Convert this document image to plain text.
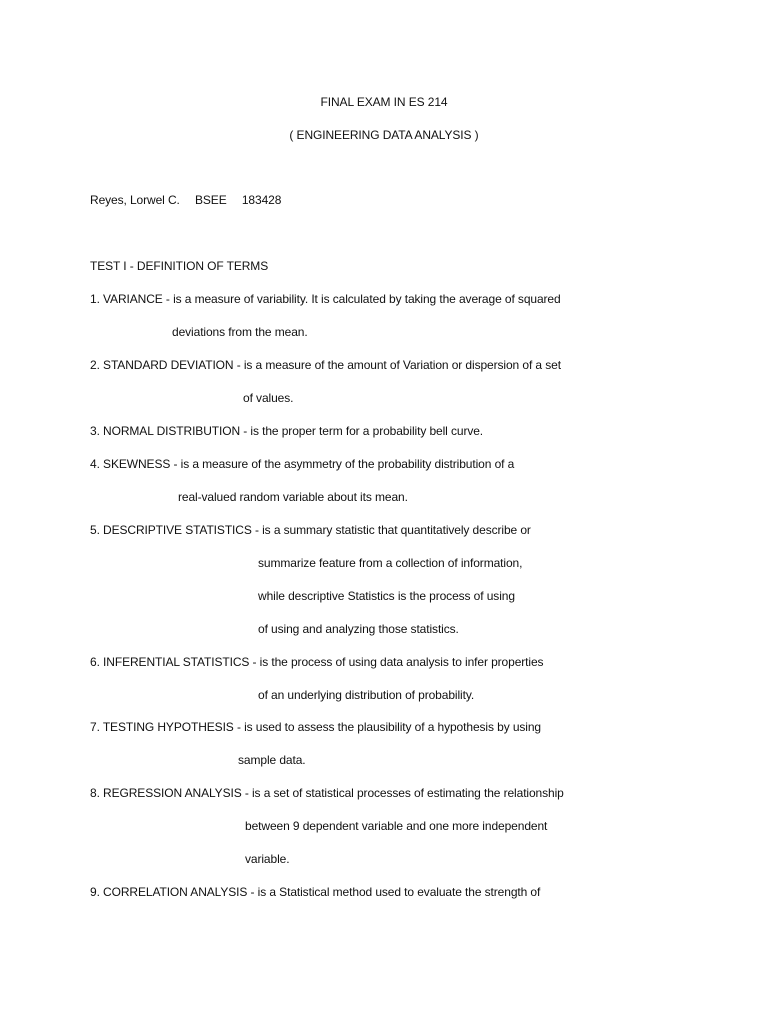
FINAL EXAM IN ES 214
( ENGINEERING DATA ANALYSIS )
Reyes, Lorwel C. BSEE 183428
TEST I - DEFINITION OF TERMS
1. VARIANCE - is a measure of variability. It is calculated by taking the average of squared
deviations from the mean.
2. STANDARD DEVIATION - is a measure of the amount of Variation or dispersion of a set
of values.
3. NORMAL DISTRIBUTION - is the proper term for a probability bell curve.
4. SKEWNESS - is a measure of the asymmetry of the probability distribution of a
real-valued random variable about its mean.
5. DESCRIPTIVE STATISTICS - is a summary statistic that quantitatively describe or
summarize feature from a collection of information,
while descriptive Statistics is the process of using
of using and analyzing those statistics.
6. INFERENTIAL STATISTICS - is the process of using data analysis to infer properties
of an underlying distribution of probability.
7. TESTING HYPOTHESIS - is used to assess the plausibility of a hypothesis by using
sample data.
8. REGRESSION ANALYSIS - is a set of statistical processes of estimating the relationship
between 9 dependent variable and one more independent
variable.
9. CORRELATION ANALYSIS - is a Statistical method used to evaluate the strength of
